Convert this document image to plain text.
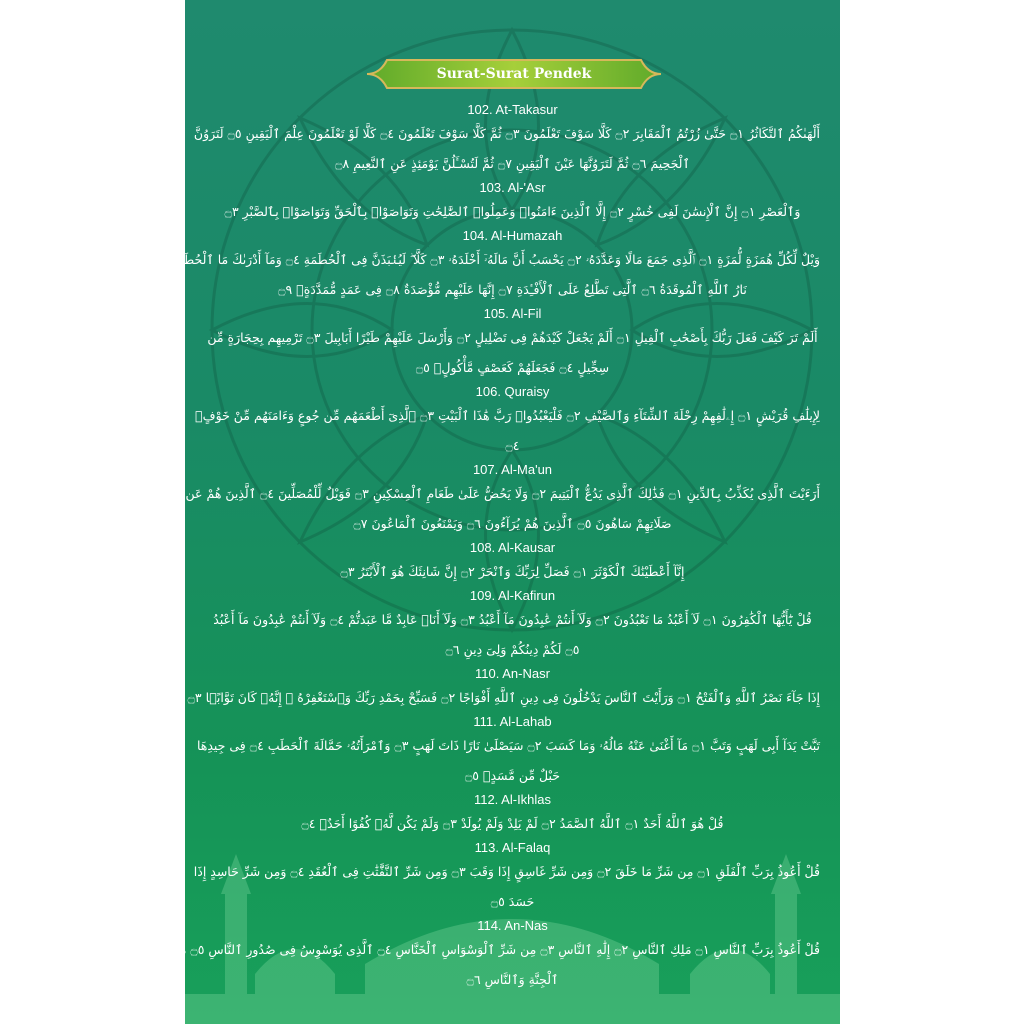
Surat-Surat Pendek
102. At-Takasur
أَلْهَىٰكُمُ ٱلتَّكَاثُرُ ۝١ حَتَّىٰ زُرْتُمُ ٱلْمَقَابِرَ ۝٢ كَلَّا سَوْفَ تَعْلَمُونَ ۝٣ ثُمَّ كَلَّا سَوْفَ تَعْلَمُونَ ۝٤ كَلَّا لَوْ تَعْلَمُونَ عِلْمَ ٱلْيَقِينِ ۝٥ لَتَرَوُنَّ
ٱلْجَحِيمَ ۝٦ ثُمَّ لَتَرَوُنَّهَا عَيْنَ ٱلْيَقِينِ ۝٧ ثُمَّ لَتُسْـَٔلُنَّ يَوْمَئِذٍ عَنِ ٱلنَّعِيمِ ۝٨
103. Al-'Asr
وَٱلْعَصْرِ ۝١ إِنَّ ٱلْإِنسَٰنَ لَفِى خُسْرٍ ۝٢ إِلَّا ٱلَّذِينَ ءَامَنُوا۟ وَعَمِلُوا۟ ٱلصَّٰلِحَٰتِ وَتَوَاصَوْا۟ بِٱلْحَقِّ وَتَوَاصَوْا۟ بِٱلصَّبْرِ ۝٣
104. Al-Humazah
وَيْلٌ لِّكُلِّ هُمَزَةٍ لُّمَزَةٍ ۝١ ٱلَّذِى جَمَعَ مَالًا وَعَدَّدَهُۥ ۝٢ يَحْسَبُ أَنَّ مَالَهُۥٓ أَخْلَدَهُۥ ۝٣ كَلَّا ۖ لَيُنۢبَذَنَّ فِى ٱلْحُطَمَةِ ۝٤ وَمَآ أَدْرَىٰكَ مَا ٱلْحُطَمَةُ ۝٥
نَارُ ٱللَّهِ ٱلْمُوقَدَةُ ۝٦ ٱلَّتِى تَطَّلِعُ عَلَى ٱلْأَفْـِٔدَةِ ۝٧ إِنَّهَا عَلَيْهِم مُّؤْصَدَةٌ ۝٨ فِى عَمَدٍ مُّمَدَّدَةٍۭ ۝٩
105. Al-Fil
أَلَمْ تَرَ كَيْفَ فَعَلَ رَبُّكَ بِأَصْحَٰبِ ٱلْفِيلِ ۝١ أَلَمْ يَجْعَلْ كَيْدَهُمْ فِى تَضْلِيلٍ ۝٢ وَأَرْسَلَ عَلَيْهِمْ طَيْرًا أَبَابِيلَ ۝٣ تَرْمِيهِم بِحِجَارَةٍ مِّن
سِجِّيلٍ ۝٤ فَجَعَلَهُمْ كَعَصْفٍ مَّأْكُولٍۭ ۝٥
106. Quraisy
لِإِيلَٰفِ قُرَيْشٍ ۝١ إِۦلَٰفِهِمْ رِحْلَةَ ٱلشِّتَآءِ وَٱلصَّيْفِ ۝٢ فَلْيَعْبُدُوا۟ رَبَّ هَٰذَا ٱلْبَيْتِ ۝٣ ٱلَّذِىٓ أَطْعَمَهُم مِّن جُوعٍ وَءَامَنَهُم مِّنْ خَوْفٍۭ
۝٤
107. Al-Ma'un
أَرَءَيْتَ ٱلَّذِى يُكَذِّبُ بِٱلدِّينِ ۝١ فَذَٰلِكَ ٱلَّذِى يَدُعُّ ٱلْيَتِيمَ ۝٢ وَلَا يَحُضُّ عَلَىٰ طَعَامِ ٱلْمِسْكِينِ ۝٣ فَوَيْلٌ لِّلْمُصَلِّينَ ۝٤ ٱلَّذِينَ هُمْ عَن
صَلَاتِهِمْ سَاهُونَ ۝٥ ٱلَّذِينَ هُمْ يُرَآءُونَ ۝٦ وَيَمْنَعُونَ ٱلْمَاعُونَ ۝٧
108. Al-Kausar
إِنَّآ أَعْطَيْنَٰكَ ٱلْكَوْثَرَ ۝١ فَصَلِّ لِرَبِّكَ وَٱنْحَرْ ۝٢ إِنَّ شَانِئَكَ هُوَ ٱلْأَبْتَرُ ۝٣
109. Al-Kafirun
قُلْ يَٰٓأَيُّهَا ٱلْكَٰفِرُونَ ۝١ لَآ أَعْبُدُ مَا تَعْبُدُونَ ۝٢ وَلَآ أَنتُمْ عَٰبِدُونَ مَآ أَعْبُدُ ۝٣ وَلَآ أَنَا۠ عَابِدٌ مَّا عَبَدتُّمْ ۝٤ وَلَآ أَنتُمْ عَٰبِدُونَ مَآ أَعْبُدُ
۝٥ لَكُمْ دِينُكُمْ وَلِىَ دِينِ ۝٦
110. An-Nasr
إِذَا جَآءَ نَصْرُ ٱللَّهِ وَٱلْفَتْحُ ۝١ وَرَأَيْتَ ٱلنَّاسَ يَدْخُلُونَ فِى دِينِ ٱللَّهِ أَفْوَاجًا ۝٢ فَسَبِّحْ بِحَمْدِ رَبِّكَ وَٱسْتَغْفِرْهُ ۚ إِنَّهُۥ كَانَ تَوَّابًۢا ۝٣
111. Al-Lahab
تَبَّتْ يَدَآ أَبِى لَهَبٍ وَتَبَّ ۝١ مَآ أَغْنَىٰ عَنْهُ مَالُهُۥ وَمَا كَسَبَ ۝٢ سَيَصْلَىٰ نَارًا ذَاتَ لَهَبٍ ۝٣ وَٱمْرَأَتُهُۥ حَمَّالَةَ ٱلْحَطَبِ ۝٤ فِى جِيدِهَا
حَبْلٌ مِّن مَّسَدٍۭ ۝٥
112. Al-Ikhlas
قُلْ هُوَ ٱللَّهُ أَحَدٌ ۝١ ٱللَّهُ ٱلصَّمَدُ ۝٢ لَمْ يَلِدْ وَلَمْ يُولَدْ ۝٣ وَلَمْ يَكُن لَّهُۥ كُفُوًا أَحَدٌۢ ۝٤
113. Al-Falaq
قُلْ أَعُوذُ بِرَبِّ ٱلْفَلَقِ ۝١ مِن شَرِّ مَا خَلَقَ ۝٢ وَمِن شَرِّ غَاسِقٍ إِذَا وَقَبَ ۝٣ وَمِن شَرِّ ٱلنَّفَّٰثَٰتِ فِى ٱلْعُقَدِ ۝٤ وَمِن شَرِّ حَاسِدٍ إِذَا
حَسَدَ ۝٥
114. An-Nas
قُلْ أَعُوذُ بِرَبِّ ٱلنَّاسِ ۝١ مَلِكِ ٱلنَّاسِ ۝٢ إِلَٰهِ ٱلنَّاسِ ۝٣ مِن شَرِّ ٱلْوَسْوَاسِ ٱلْخَنَّاسِ ۝٤ ٱلَّذِى يُوَسْوِسُ فِى صُدُورِ ٱلنَّاسِ ۝٥ مِنَ
ٱلْجِنَّةِ وَٱلنَّاسِ ۝٦
